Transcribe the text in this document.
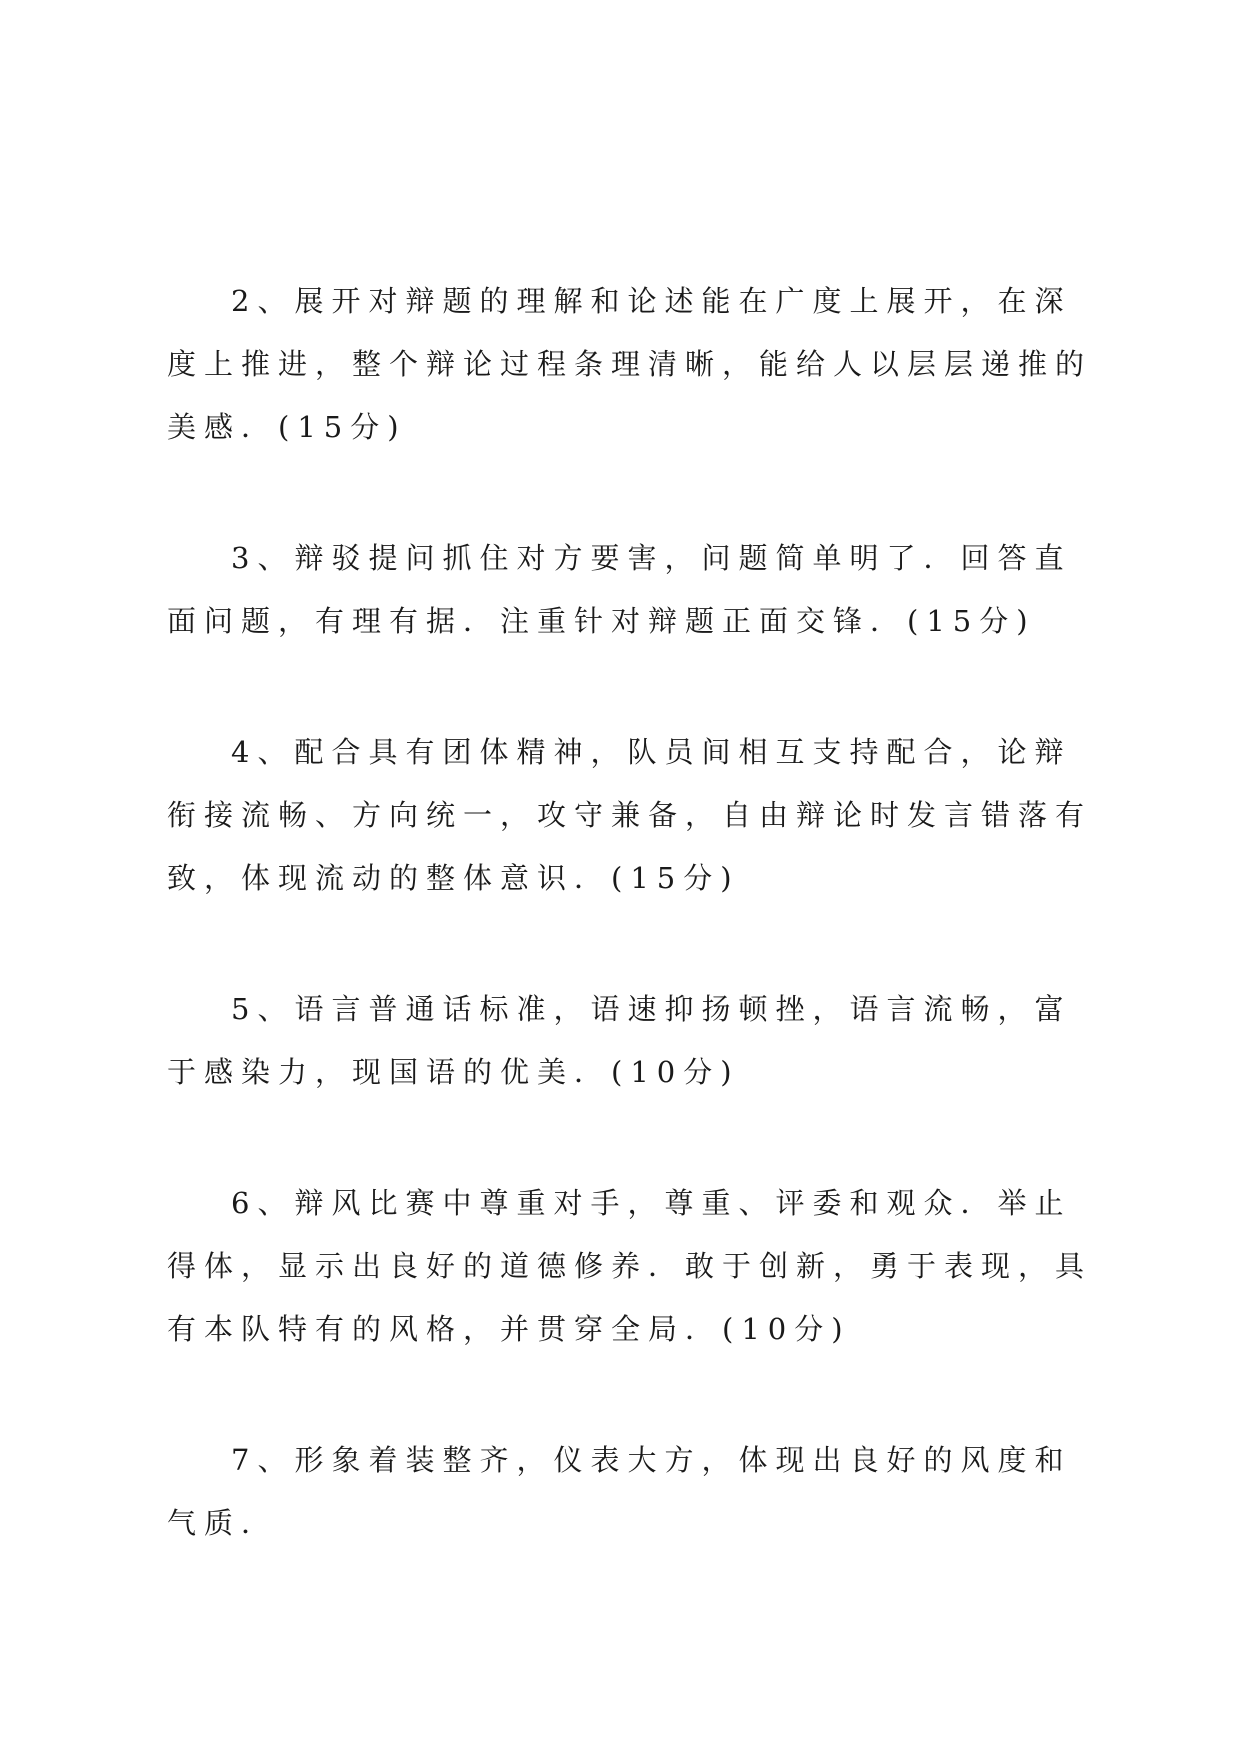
2、展开对辩题的理解和论述能在广度上展开，在深度上推进，整个辩论过程条理清晰，能给人以层层递推的美感．(15分)

3、辩驳提问抓住对方要害，问题简单明了．回答直面问题，有理有据．注重针对辩题正面交锋．(15分)

4、配合具有团体精神，队员间相互支持配合，论辩衔接流畅、方向统一，攻守兼备，自由辩论时发言错落有致，体现流动的整体意识．(15分)

5、语言普通话标准，语速抑扬顿挫，语言流畅，富于感染力，现国语的优美．(10分)

6、辩风比赛中尊重对手，尊重、评委和观众．举止得体，显示出良好的道德修养．敢于创新，勇于表现，具有本队特有的风格，并贯穿全局．(10分)

7、形象着装整齐，仪表大方，体现出良好的风度和气质．
